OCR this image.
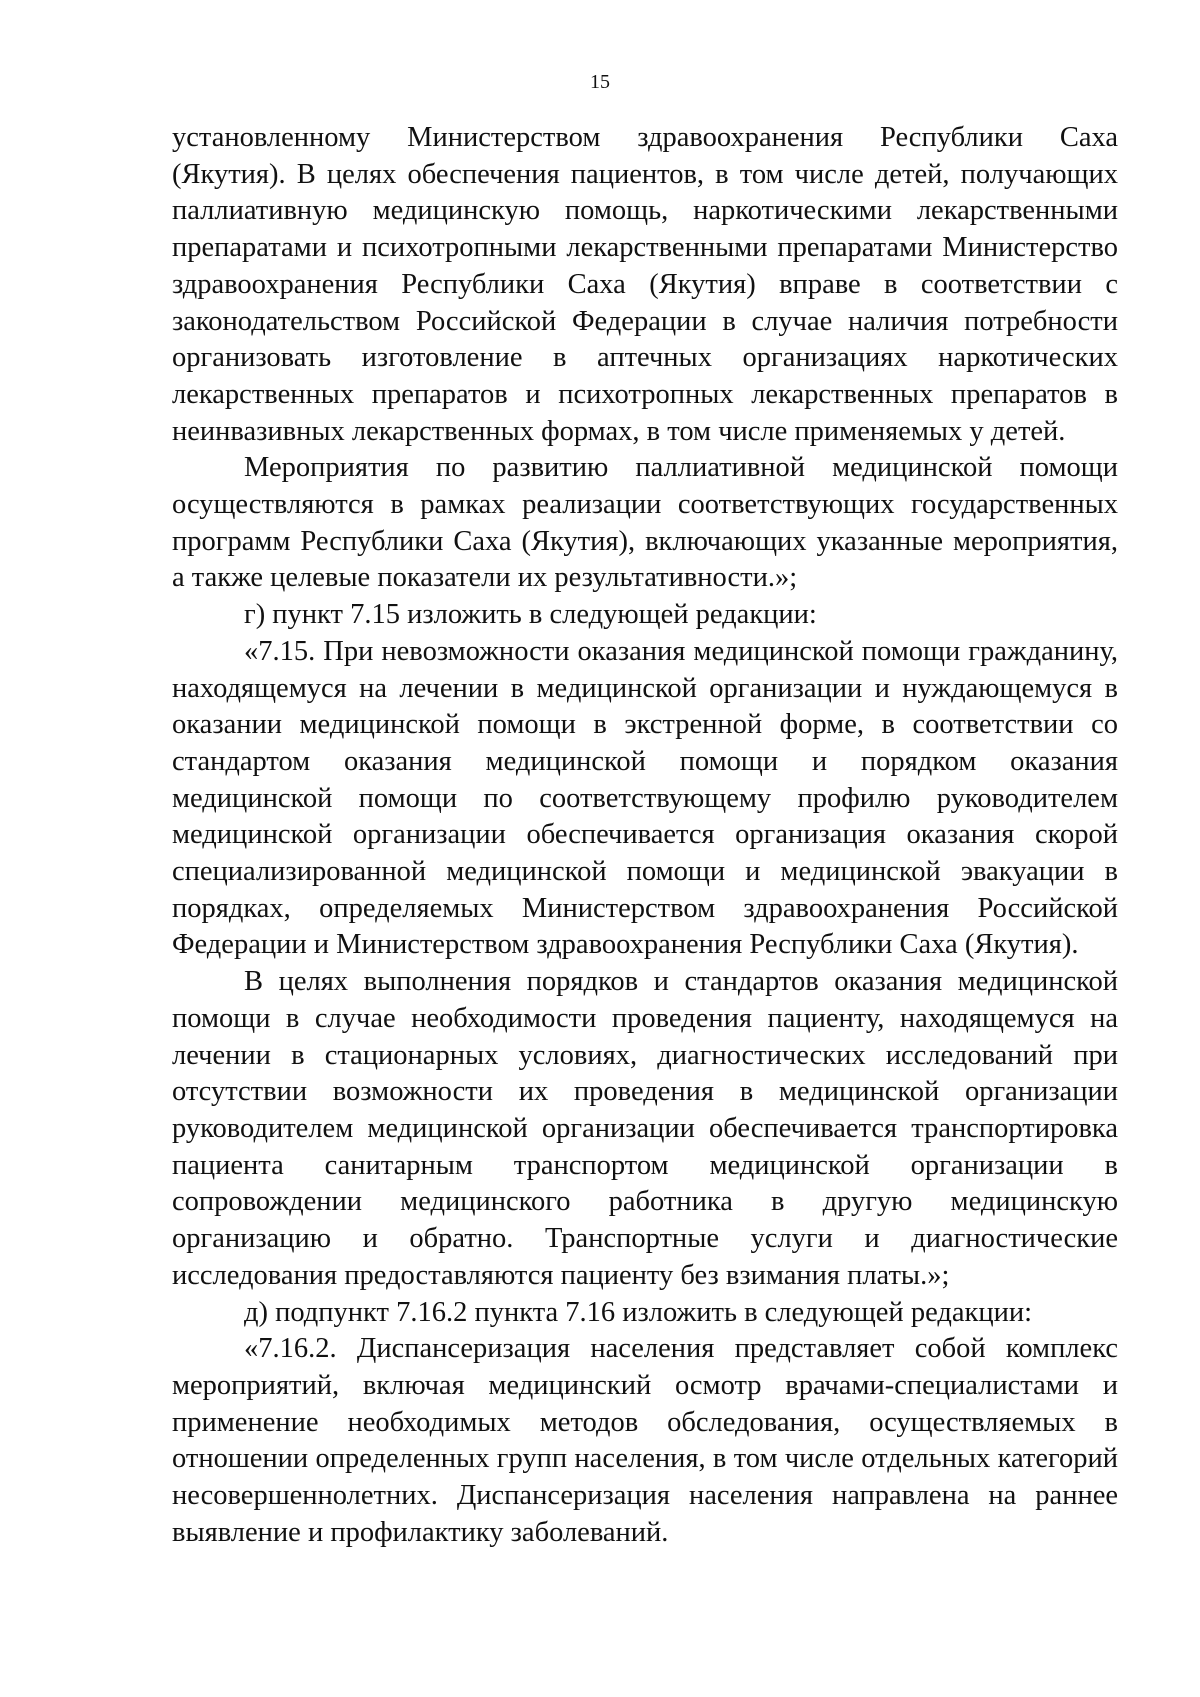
15

установленному Министерством здравоохранения Республики Саха (Якутия). В целях обеспечения пациентов, в том числе детей, получающих паллиативную медицинскую помощь, наркотическими лекарственными препаратами и психотропными лекарственными препаратами Министерство здравоохранения Республики Саха (Якутия) вправе в соответствии с законодательством Российской Федерации в случае наличия потребности организовать изготовление в аптечных организациях наркотических лекарственных препаратов и психотропных лекарственных препаратов в неинвазивных лекарственных формах, в том числе применяемых у детей.

Мероприятия по развитию паллиативной медицинской помощи осуществляются в рамках реализации соответствующих государственных программ Республики Саха (Якутия), включающих указанные мероприятия, а также целевые показатели их результативности.»;

г) пункт 7.15 изложить в следующей редакции:

«7.15. При невозможности оказания медицинской помощи гражданину, находящемуся на лечении в медицинской организации и нуждающемуся в оказании медицинской помощи в экстренной форме, в соответствии со стандартом оказания медицинской помощи и порядком оказания медицинской помощи по соответствующему профилю руководителем медицинской организации обеспечивается организация оказания скорой специализированной медицинской помощи и медицинской эвакуации в порядках, определяемых Министерством здравоохранения Российской Федерации и Министерством здравоохранения Республики Саха (Якутия).

В целях выполнения порядков и стандартов оказания медицинской помощи в случае необходимости проведения пациенту, находящемуся на лечении в стационарных условиях, диагностических исследований при отсутствии возможности их проведения в медицинской организации руководителем медицинской организации обеспечивается транспортировка пациента санитарным транспортом медицинской организации в сопровождении медицинского работника в другую медицинскую организацию и обратно. Транспортные услуги и диагностические исследования предоставляются пациенту без взимания платы.»;

д) подпункт 7.16.2 пункта 7.16 изложить в следующей редакции:

«7.16.2. Диспансеризация населения представляет собой комплекс мероприятий, включая медицинский осмотр врачами-специалистами и применение необходимых методов обследования, осуществляемых в отношении определенных групп населения, в том числе отдельных категорий несовершеннолетних. Диспансеризация населения направлена на раннее выявление и профилактику заболеваний.
